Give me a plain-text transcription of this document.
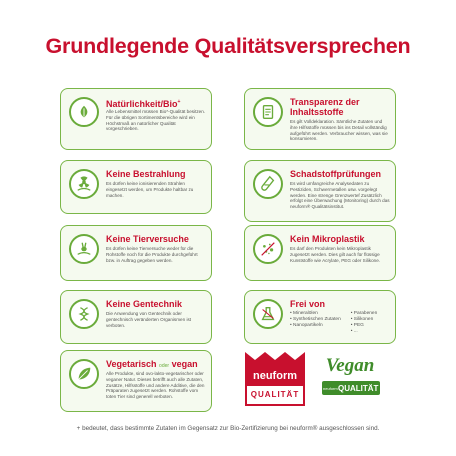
Grundlegende Qualitätsversprechen
Natürlichkeit/Bio+
Alle Lebensmittel müssen Bio*-Qualität besitzen. Für die übrigen Sortimentsbereiche wird ein Höchstmaß an natürlicher Qualität vorgeschrieben.
Transparenz der Inhaltsstoffe
Es gilt Volldeklaration. Sämtliche Zutaten und ihre Hilfsstoffe müssen bis ins Detail vollständig aufgeführt werden. Verbraucher wissen, was sie konsumieren.
Keine Bestrahlung
Es dürfen keine ionisierenden Strahlen eingesetzt werden, um Produkte haltbar zu machen.
Schadstoffprüfungen
Es wird umfangreiche Analysedaten zu Pestiziden, Schwermetallen usw. vorgelegt werden. Eine strenge Grenzwertef Zusätzlich erfolgt eine Überwachung (Monitoring) durch das neuform® Qualitätsinstitut.
Keine Tierversuche
Es dürfen keine Tierversuche weder für die Rohstoffe noch für die Produkte durchgeführt bzw. in Auftrag gegeben werden.
Kein Mikroplastik
Es darf den Produkten kein Mikroplastik zugesetzt werden. Dies gilt auch für flüssige Kunststoffe wie Acrylate, PEG oder Silikone.
Keine Gentechnik
Die Anwendung von Gentechnik oder gentechnisch veränderten Organismen ist verboten.
Frei von
• Mineralölen
• Synthetischen Zutaten
• Nanopartikeln
• Parabenen
• Silikonen
• PEG
• ...
Vegetarisch oder vegan
Alle Produkte, sind ovo-lakto-vegetarischer oder veganer Natur. Dieses betrifft auch alle Zutaten, Zusätze, Hilfsstoffe und andere Additive, die den Präparaten zugesetzt werden. Rohstoffe vom toten Tier sind generell verboten.
neuform
QUALITÄT
Vegan
neuform QUALITÄT
+ bedeutet, dass bestimmte Zutaten im Gegensatz zur Bio-Zertifizierung bei neuform® ausgeschlossen sind.
